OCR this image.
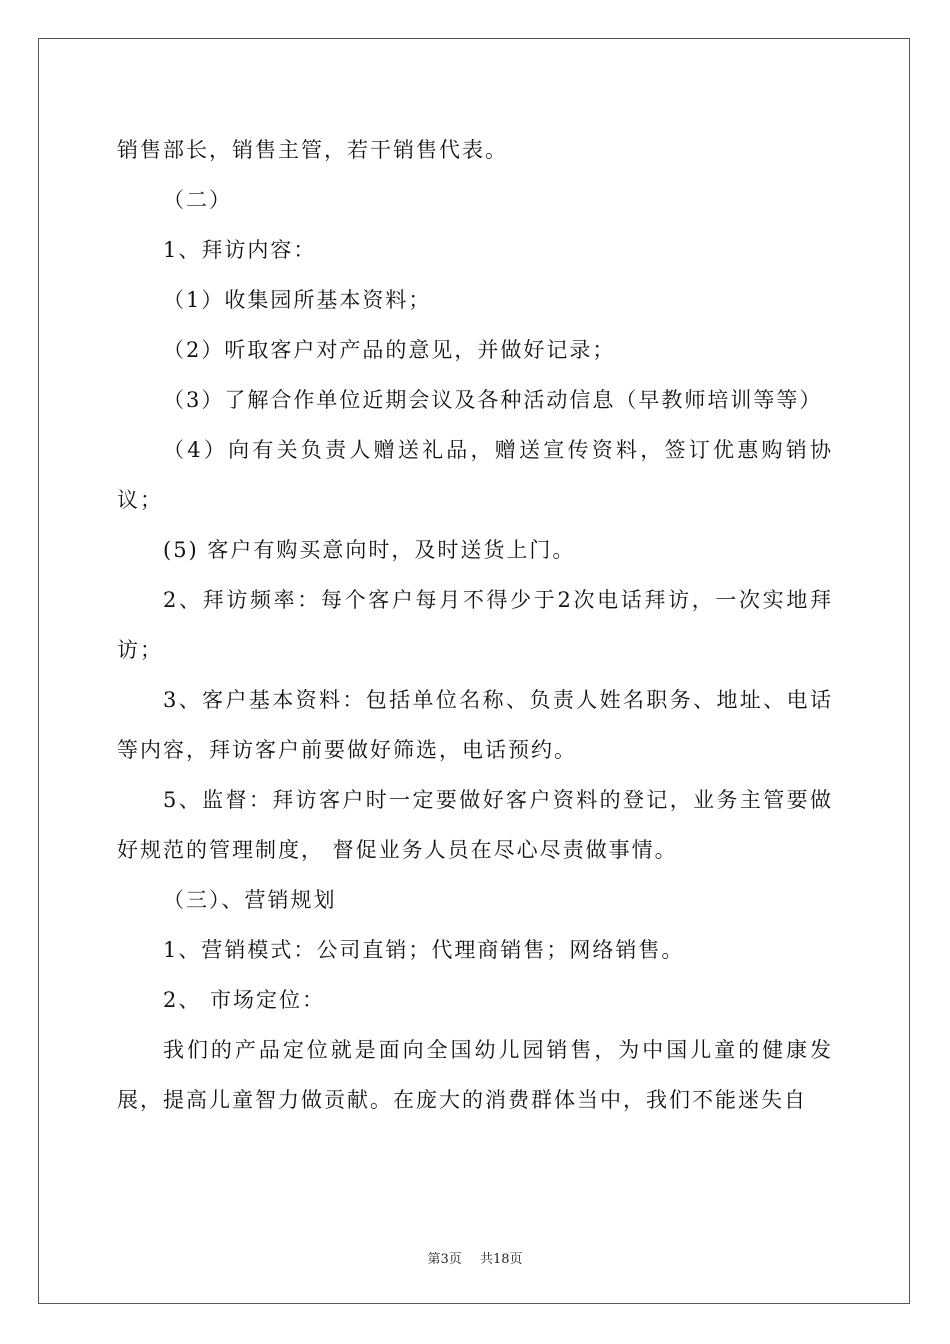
销售部长，销售主管，若干销售代表。

（二）

1、拜访内容：

（1）收集园所基本资料；

（2）听取客户对产品的意见，并做好记录；

（3）了解合作单位近期会议及各种活动信息（早教师培训等等）

（4）向有关负责人赠送礼品，赠送宣传资料，签订优惠购销协议；

(5) 客户有购买意向时，及时送货上门。

2、拜访频率：每个客户每月不得少于2次电话拜访，一次实地拜访；

3、客户基本资料：包括单位名称、负责人姓名职务、地址、电话等内容，拜访客户前要做好筛选，电话预约。

5、监督：拜访客户时一定要做好客户资料的登记，业务主管要做好规范的管理制度， 督促业务人员在尽心尽责做事情。

（三）、营销规划

1、营销模式：公司直销；代理商销售；网络销售。

2、 市场定位：

我们的产品定位就是面向全国幼儿园销售，为中国儿童的健康发展，提高儿童智力做贡献。在庞大的消费群体当中，我们不能迷失自

第3页 共18页
